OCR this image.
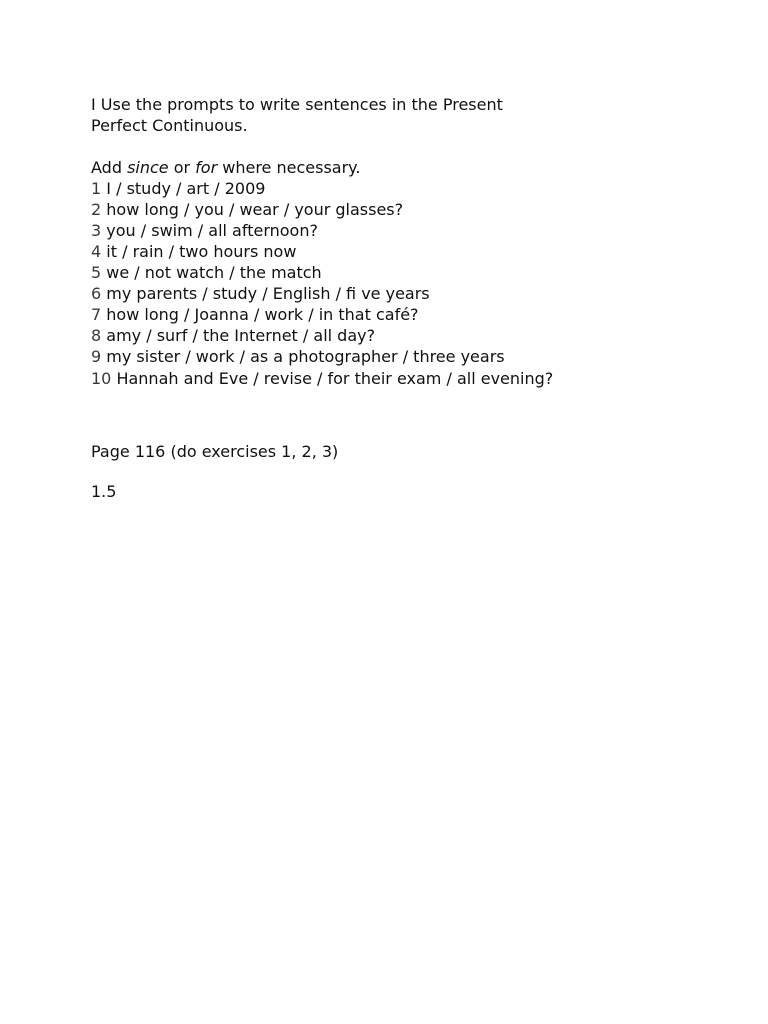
I Use the prompts to write sentences in the Present
Perfect Continuous.
Add since or for where necessary.
1 I / study / art / 2009
2 how long / you / wear / your glasses?
3 you / swim / all afternoon?
4 it / rain / two hours now
5 we / not watch / the match
6 my parents / study / English / fi ve years
7 how long / Joanna / work / in that café?
8 amy / surf / the Internet / all day?
9 my sister / work / as a photographer / three years
10 Hannah and Eve / revise / for their exam / all evening?
Page 116 (do exercises 1, 2, 3)
1.5
